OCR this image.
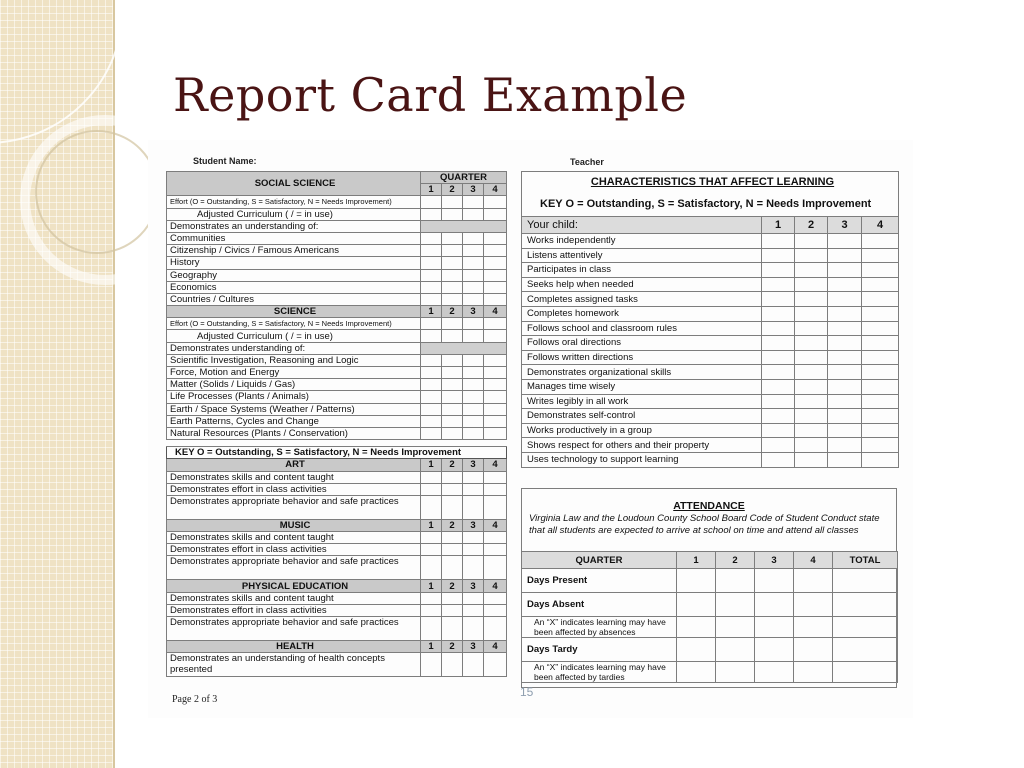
Report Card Example
Student Name:	Teacher
SOCIAL SCIENCE	QUARTER			
	1	2	3	4
Effort (O = Outstanding, S = Satisfactory, N = Needs Improvement)				
Adjusted Curriculum ( / = in use)				
Demonstrates an understanding of:				
Communities				
Citizenship / Civics / Famous Americans				
History				
Geography				
Economics				
Countries / Cultures				
SCIENCE	1	2	3	4
Effort (O = Outstanding, S = Satisfactory, N = Needs Improvement)				
Adjusted Curriculum ( / = in use)				
Demonstrates understanding of:				
Scientific Investigation, Reasoning and Logic				
Force, Motion and Energy				
Matter (Solids / Liquids / Gas)				
Life Processes (Plants / Animals)				
Earth / Space Systems (Weather / Patterns)				
Earth Patterns, Cycles and Change				
Natural Resources (Plants / Conservation)				

KEY O = Outstanding, S = Satisfactory, N = Needs Improvement				
ART	1	2	3	4
Demonstrates skills and content taught				
Demonstrates effort in class activities				
Demonstrates appropriate behavior and safe practices				
MUSIC	1	2	3	4
Demonstrates skills and content taught				
Demonstrates effort in class activities				
Demonstrates appropriate behavior and safe practices				
PHYSICAL EDUCATION	1	2	3	4
Demonstrates skills and content taught				
Demonstrates effort in class activities				
Demonstrates appropriate behavior and safe practices				
HEALTH	1	2	3	4
Demonstrates an understanding of health concepts presented				
Page 2 of 3
CHARACTERISTICS THAT AFFECT LEARNING				
KEY O = Outstanding, S = Satisfactory, N = Needs Improvement				
Your child:	1	2	3	4
Works independently				
Listens attentively				
Participates in class				
Seeks help when needed				
Completes assigned tasks				
Completes homework				
Follows school and classroom rules				
Follows oral directions				
Follows written directions				
Demonstrates organizational skills				
Manages time wisely				
Writes legibly in all work				
Demonstrates self-control				
Works productively in a group				
Shows respect for others and their property				
Uses technology to support learning				
ATTENDANCE
Virginia Law and the Loudoun County School Board Code of Student Conduct state that all students are expected to arrive at school on time and attend all classes
QUARTER	1	2	3	4	TOTAL
Days Present					
Days Absent					
An “X” indicates learning may have been affected by absences					
Days Tardy					
An “X” indicates learning may have been affected by tardies					
15
